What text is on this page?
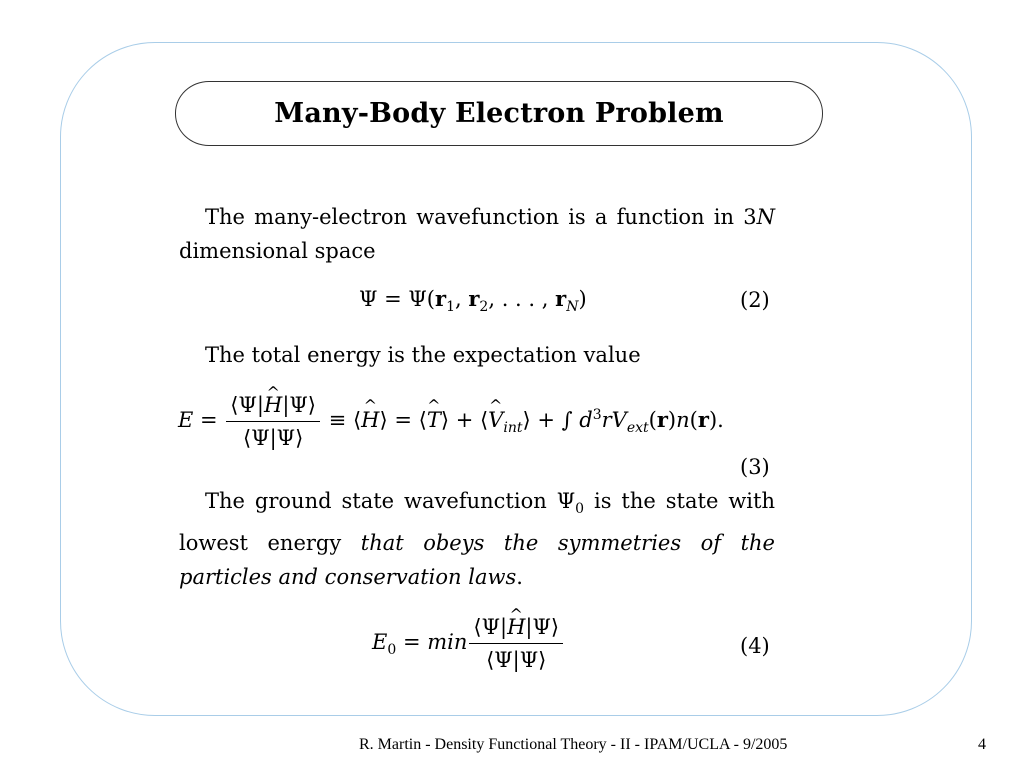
Many-Body Electron Problem
The many-electron wavefunction is a function in 3N dimensional space
$\Psi = \Psi(r_1$, $r_2$, . . . , $r_N$)	(2)
The total energy is the expectation value
$E = \frac{⟨\Psi|\^{} H|\Psi⟩}{⟨\Psi|\Psi⟩}$ ≡ ⟨^ H⟩ = ⟨^ T⟩ + ⟨^ $V_{int}⟩$ + ∫ $d^3rV_{ext}(r)n(r)$.
(3)
The ground state wavefunction $\Psi_0$ is the state with lowest energy that obeys the symmetries of the particles and conservation laws.
$E_0 = \min \frac{⟨\Psi|\^{} H|\Psi⟩}{⟨\Psi|\Psi⟩}$	(4)
R. Martin - Density Functional Theory - II - IPAM/UCLA - 9/2005	4
